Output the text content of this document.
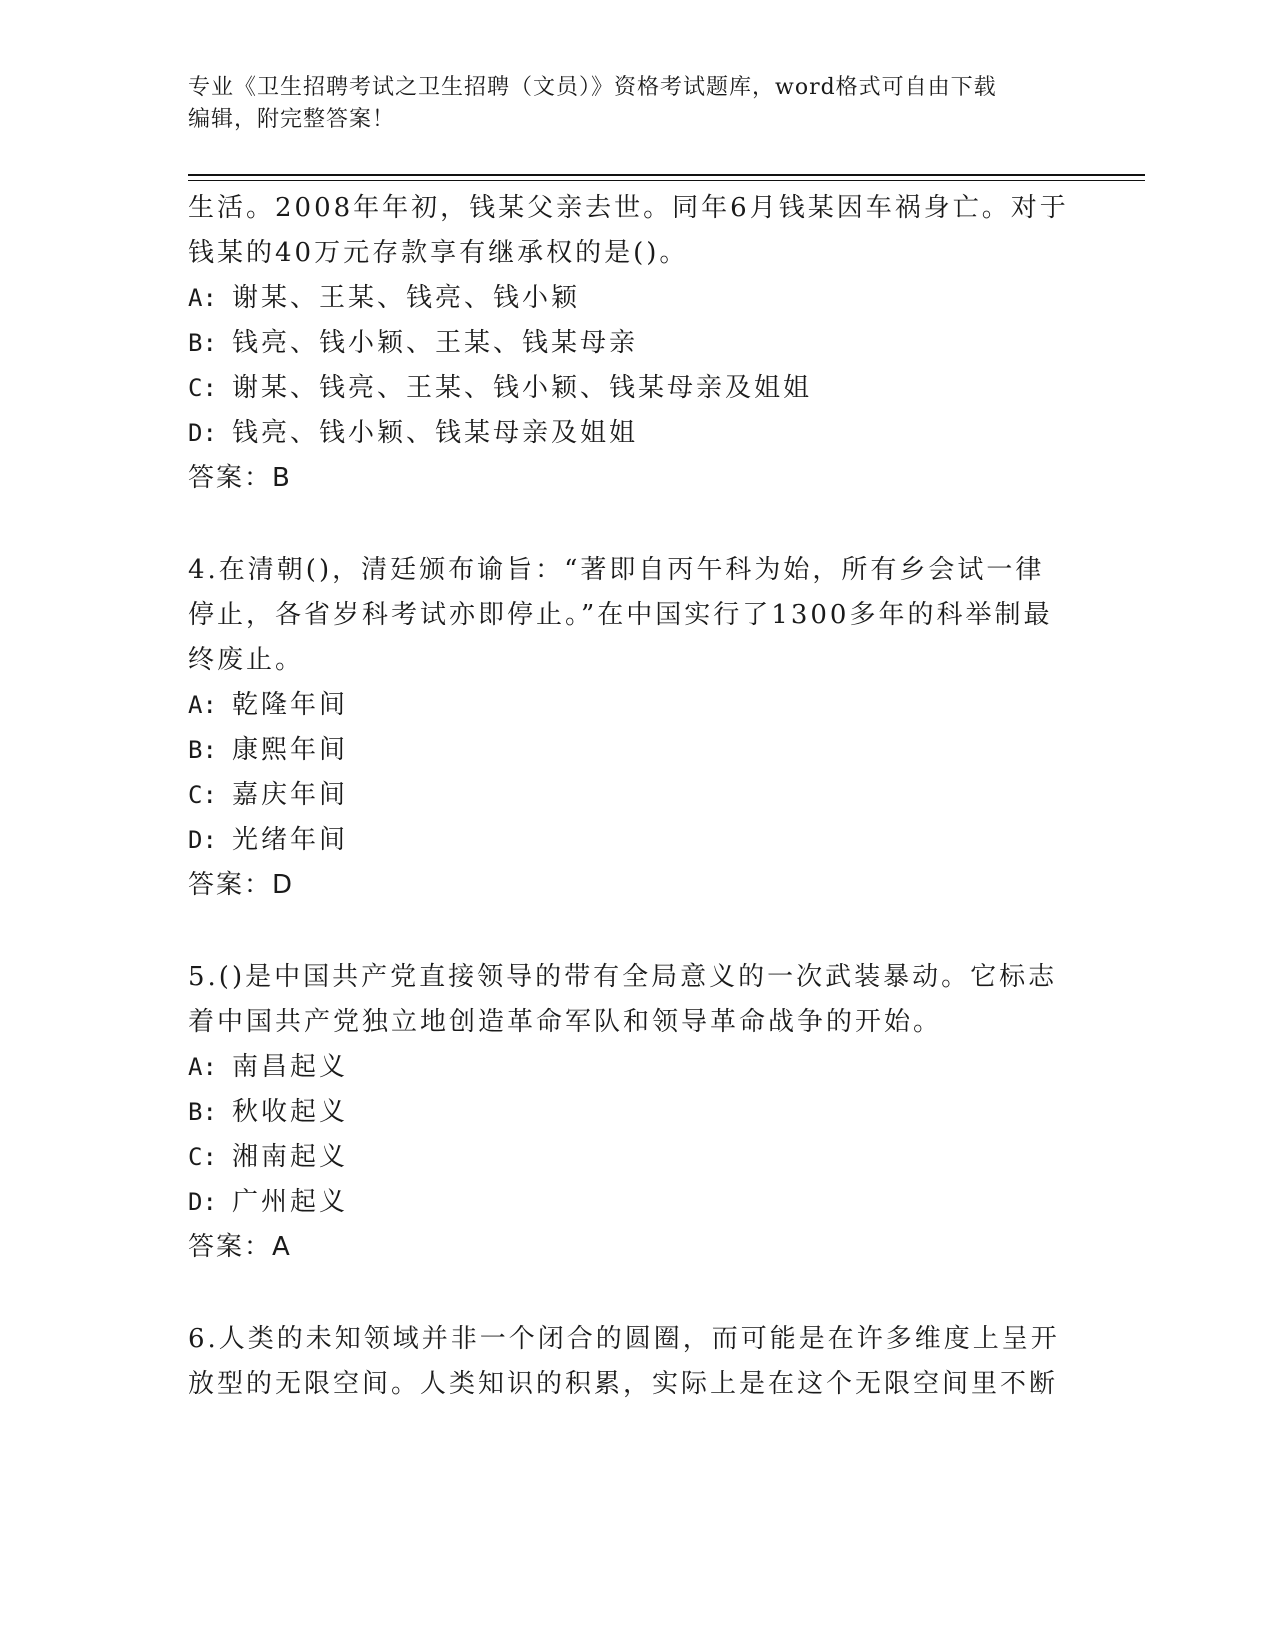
专业《卫生招聘考试之卫生招聘（文员）》资格考试题库，word格式可自由下载
编辑，附完整答案！

生活。2008年年初，钱某父亲去世。同年6月钱某因车祸身亡。对于

钱某的40万元存款享有继承权的是()。

A: 谢某、王某、钱亮、钱小颖

B: 钱亮、钱小颖、王某、钱某母亲

C: 谢某、钱亮、王某、钱小颖、钱某母亲及姐姐

D: 钱亮、钱小颖、钱某母亲及姐姐

答案：B

4.在清朝()，清廷颁布谕旨：“著即自丙午科为始，所有乡会试一律

停止，各省岁科考试亦即停止。”在中国实行了1300多年的科举制最

终废止。

A: 乾隆年间

B: 康熙年间

C: 嘉庆年间

D: 光绪年间

答案：D

5.()是中国共产党直接领导的带有全局意义的一次武装暴动。它标志

着中国共产党独立地创造革命军队和领导革命战争的开始。

A: 南昌起义

B: 秋收起义

C: 湘南起义

D: 广州起义

答案：A

6.人类的未知领域并非一个闭合的圆圈，而可能是在许多维度上呈开

放型的无限空间。人类知识的积累，实际上是在这个无限空间里不断
